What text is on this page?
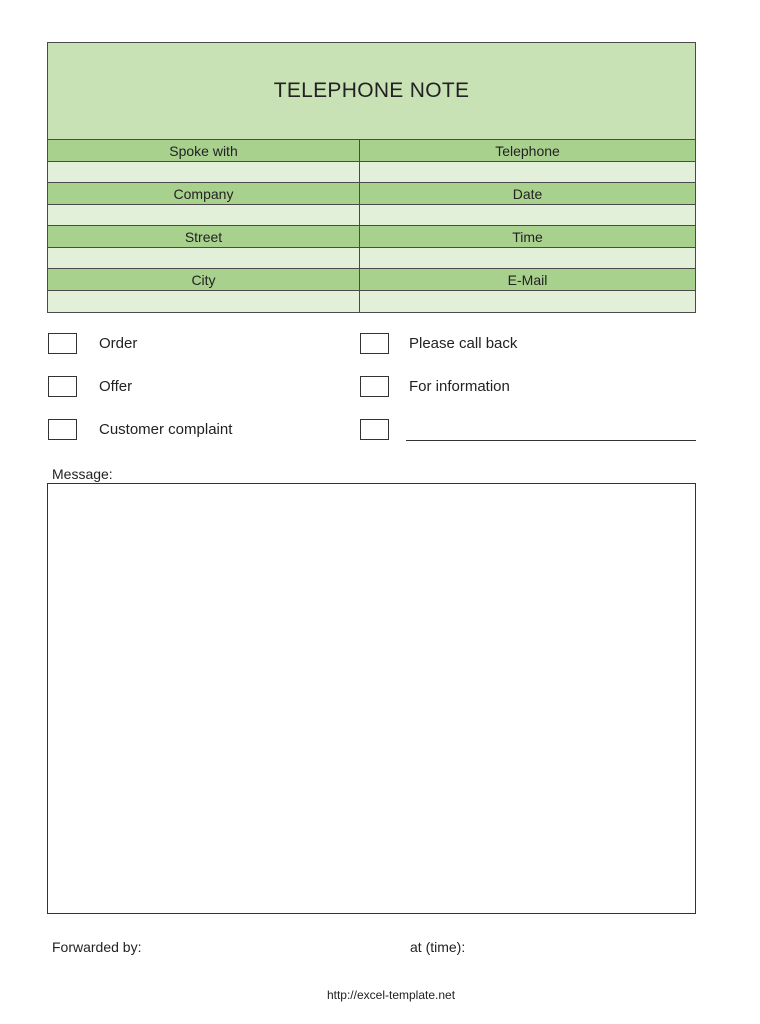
TELEPHONE NOTE
Spoke with	Telephone
Company	Date
Street	Time
City	E-Mail
Order
Offer
Customer complaint
Please call back
For information
Message:
Forwarded by:	at (time):
http://excel-template.net
